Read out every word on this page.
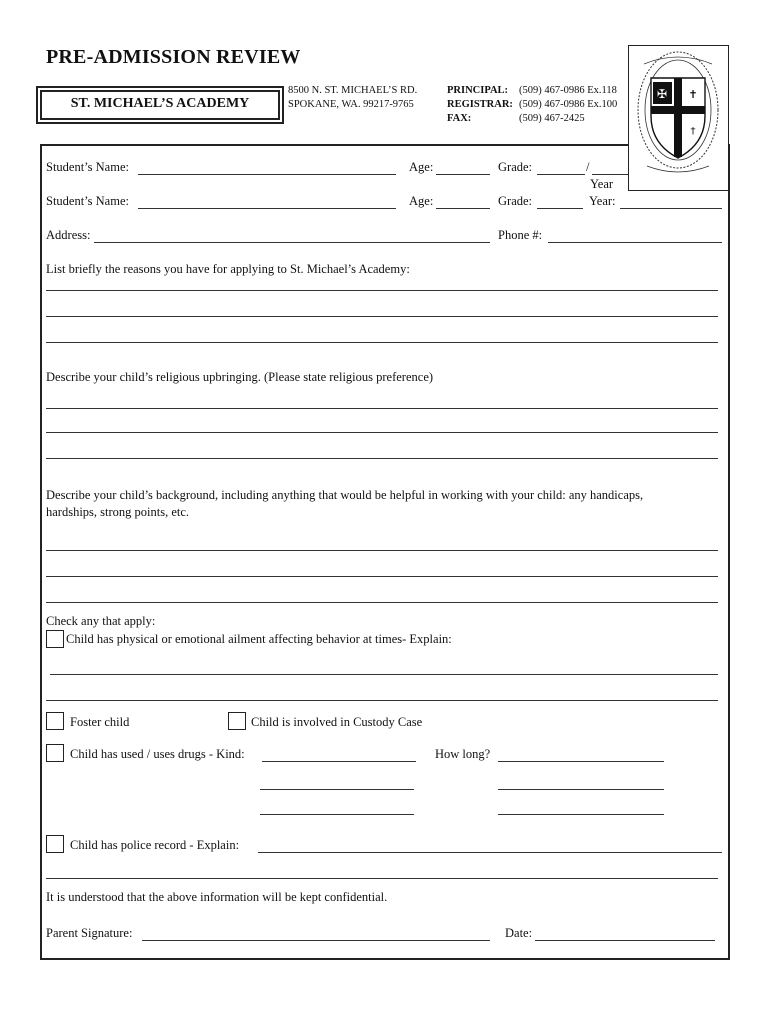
PRE-ADMISSION REVIEW
ST. MICHAEL’S ACADEMY
8500 N. ST. MICHAEL’S RD.
SPOKANE, WA. 99217-9765
PRINCIPAL: (509) 467-0986 Ex.118
REGISTRAR: (509) 467-0986 Ex.100
FAX:	(509) 467-2425
✠ ✝
†
Student’s Name:	Age:	Grade:	/
Year
Student’s Name:	Age:	Grade:	Year:
Address:	Phone #:
List briefly the reasons you have for applying to St. Michael’s Academy:
Describe your child’s religious upbringing. (Please state religious preference)
Describe your child’s background, including anything that would be helpful in working with your child: any handicaps,
hardships, strong points, etc.
Check any that apply:
Child has physical or emotional ailment affecting behavior at times- Explain:
Foster child	Child is involved in Custody Case
Child has used / uses drugs - Kind:	How long?
Child has police record - Explain:
It is understood that the above information will be kept confidential.
Parent Signature:	Date:
